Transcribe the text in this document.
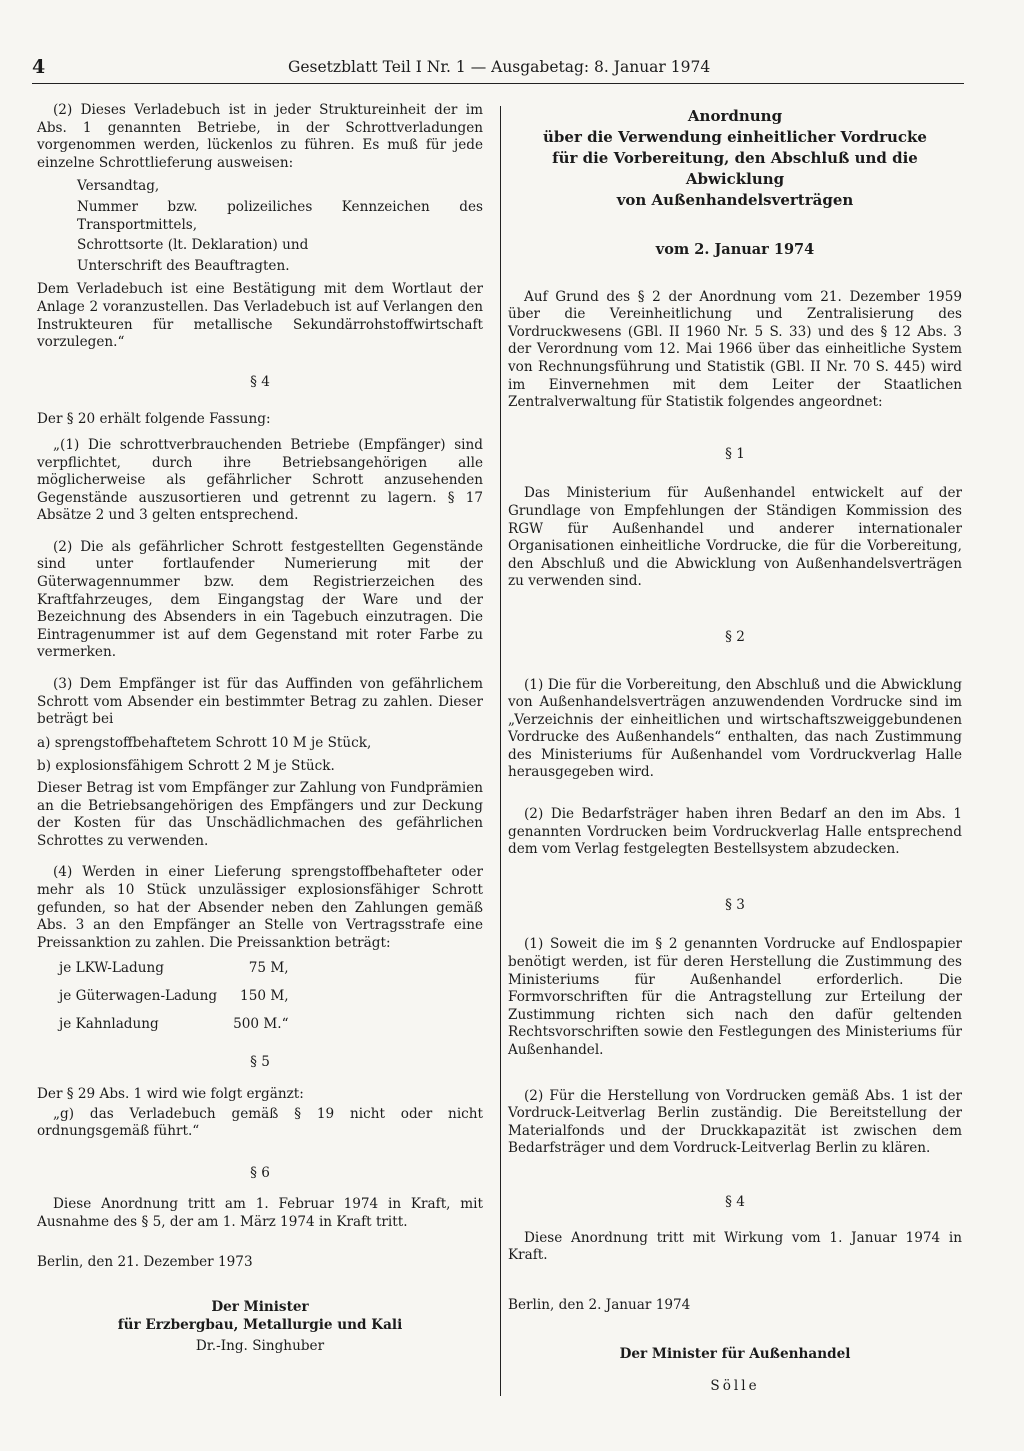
4	Gesetzblatt Teil I Nr. 1 — Ausgabetag: 8. Januar 1974

(2) Dieses Verladebuch ist in jeder Struktureinheit der im Abs. 1 genannten Betriebe, in der Schrottverladungen vorgenommen werden, lückenlos zu führen. Es muß für jede einzelne Schrottlieferung ausweisen:

Versandtag,

Nummer bzw. polizeiliches Kennzeichen des Transportmittels,

Schrottsorte (lt. Deklaration) und

Unterschrift des Beauftragten.

Dem Verladebuch ist eine Bestätigung mit dem Wortlaut der Anlage 2 voranzustellen. Das Verladebuch ist auf Verlangen den Instrukteuren für metallische Sekundärrohstoffwirtschaft vorzulegen.“

§ 4

Der § 20 erhält folgende Fassung:

„(1) Die schrottverbrauchenden Betriebe (Empfänger) sind verpflichtet, durch ihre Betriebsangehörigen alle möglicherweise als gefährlicher Schrott anzusehenden Gegenstände auszusortieren und getrennt zu lagern. § 17 Absätze 2 und 3 gelten entsprechend.

(2) Die als gefährlicher Schrott festgestellten Gegenstände sind unter fortlaufender Numerierung mit der Güterwagennummer bzw. dem Registrierzeichen des Kraftfahrzeuges, dem Eingangstag der Ware und der Bezeichnung des Absenders in ein Tagebuch einzutragen. Die Eintragenummer ist auf dem Gegenstand mit roter Farbe zu vermerken.

(3) Dem Empfänger ist für das Auffinden von gefährlichem Schrott vom Absender ein bestimmter Betrag zu zahlen. Dieser beträgt bei

a) sprengstoffbehaftetem Schrott 10 M je Stück,

b) explosionsfähigem Schrott 2 M je Stück.

Dieser Betrag ist vom Empfänger zur Zahlung von Fundprämien an die Betriebsangehörigen des Empfängers und zur Deckung der Kosten für das Unschädlichmachen des gefährlichen Schrottes zu verwenden.

(4) Werden in einer Lieferung sprengstoffbehafteter oder mehr als 10 Stück unzulässiger explosionsfähiger Schrott gefunden, so hat der Absender neben den Zahlungen gemäß Abs. 3 an den Empfänger an Stelle von Vertragsstrafe eine Preissanktion zu zahlen. Die Preissanktion beträgt:

je LKW-Ladung	75 M,
je Güterwagen-Ladung	150 M,
je Kahnladung	500 M.“

§ 5

Der § 29 Abs. 1 wird wie folgt ergänzt:

„g) das Verladebuch gemäß § 19 nicht oder nicht ordnungsgemäß führt.“

§ 6

Diese Anordnung tritt am 1. Februar 1974 in Kraft, mit Ausnahme des § 5, der am 1. März 1974 in Kraft tritt.

Berlin, den 21. Dezember 1973

Der Minister

für Erzbergbau, Metallurgie und Kali

Dr.-Ing. Singhuber

Anordnung
über die Verwendung einheitlicher Vordrucke
für die Vorbereitung, den Abschluß und die Abwicklung
von Außenhandelsverträgen

vom 2. Januar 1974

Auf Grund des § 2 der Anordnung vom 21. Dezember 1959 über die Vereinheitlichung und Zentralisierung des Vordruckwesens (GBl. II 1960 Nr. 5 S. 33) und des § 12 Abs. 3 der Verordnung vom 12. Mai 1966 über das einheitliche System von Rechnungsführung und Statistik (GBl. II Nr. 70 S. 445) wird im Einvernehmen mit dem Leiter der Staatlichen Zentralverwaltung für Statistik folgendes angeordnet:

§ 1

Das Ministerium für Außenhandel entwickelt auf der Grundlage von Empfehlungen der Ständigen Kommission des RGW für Außenhandel und anderer internationaler Organisationen einheitliche Vordrucke, die für die Vorbereitung, den Abschluß und die Abwicklung von Außenhandelsverträgen zu verwenden sind.

§ 2

(1) Die für die Vorbereitung, den Abschluß und die Abwicklung von Außenhandelsverträgen anzuwendenden Vordrucke sind im „Verzeichnis der einheitlichen und wirtschaftszweiggebundenen Vordrucke des Außenhandels“ enthalten, das nach Zustimmung des Ministeriums für Außenhandel vom Vordruckverlag Halle herausgegeben wird.

(2) Die Bedarfsträger haben ihren Bedarf an den im Abs. 1 genannten Vordrucken beim Vordruckverlag Halle entsprechend dem vom Verlag festgelegten Bestellsystem abzudecken.

§ 3

(1) Soweit die im § 2 genannten Vordrucke auf Endlospapier benötigt werden, ist für deren Herstellung die Zustimmung des Ministeriums für Außenhandel erforderlich. Die Formvorschriften für die Antragstellung zur Erteilung der Zustimmung richten sich nach den dafür geltenden Rechtsvorschriften sowie den Festlegungen des Ministeriums für Außenhandel.

(2) Für die Herstellung von Vordrucken gemäß Abs. 1 ist der Vordruck-Leitverlag Berlin zuständig. Die Bereitstellung der Materialfonds und der Druckkapazität ist zwischen dem Bedarfsträger und dem Vordruck-Leitverlag Berlin zu klären.

§ 4

Diese Anordnung tritt mit Wirkung vom 1. Januar 1974 in Kraft.

Berlin, den 2. Januar 1974

Der Minister für Außenhandel

Sölle
